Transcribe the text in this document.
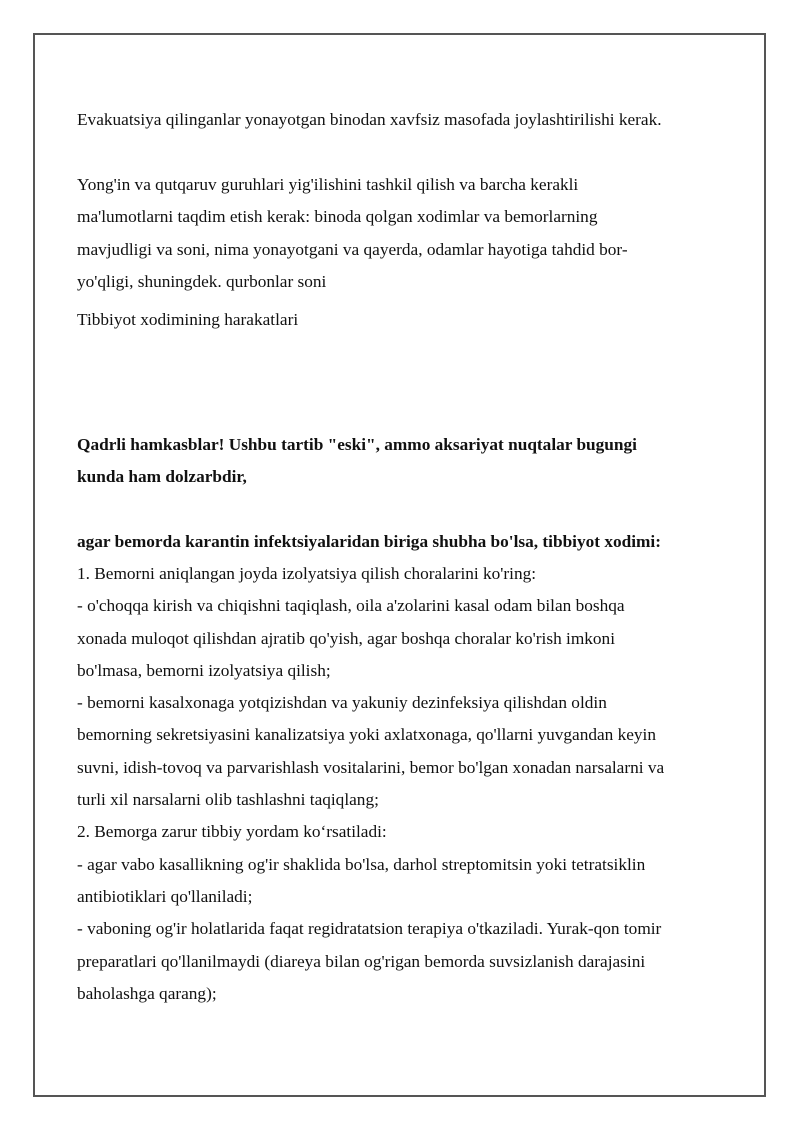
Evakuatsiya qilinganlar yonayotgan binodan xavfsiz masofada joylashtirilishi kerak.
Yong'in va qutqaruv guruhlari yig'ilishini tashkil qilish va barcha kerakli
ma'lumotlarni taqdim etish kerak: binoda qolgan xodimlar va bemorlarning
mavjudligi va soni, nima yonayotgani va qayerda, odamlar hayotiga tahdid bor-
yo'qligi, shuningdek. qurbonlar soni
Tibbiyot xodimining harakatlari
Qadrli hamkasblar! Ushbu tartib "eski", ammo aksariyat nuqtalar bugungi
kunda ham dolzarbdir,
agar bemorda karantin infektsiyalaridan biriga shubha bo'lsa, tibbiyot xodimi:
1. Bemorni aniqlangan joyda izolyatsiya qilish choralarini ko'ring:
- o'choqqa kirish va chiqishni taqiqlash, oila a'zolarini kasal odam bilan boshqa
xonada muloqot qilishdan ajratib qo'yish, agar boshqa choralar ko'rish imkoni
bo'lmasa, bemorni izolyatsiya qilish;
- bemorni kasalxonaga yotqizishdan va yakuniy dezinfeksiya qilishdan oldin
bemorning sekretsiyasini kanalizatsiya yoki axlatxonaga, qo'llarni yuvgandan keyin
suvni, idish-tovoq va parvarishlash vositalarini, bemor bo'lgan xonadan narsalarni va
turli xil narsalarni olib tashlashni taqiqlang;
2. Bemorga zarur tibbiy yordam ko‘rsatiladi:
- agar vabo kasallikning og'ir shaklida bo'lsa, darhol streptomitsin yoki tetratsiklin
antibiotiklari qo'llaniladi;
- vaboning og'ir holatlarida faqat regidratatsion terapiya o'tkaziladi. Yurak-qon tomir
preparatlari qo'llanilmaydi (diareya bilan og'rigan bemorda suvsizlanish darajasini
baholashga qarang);
